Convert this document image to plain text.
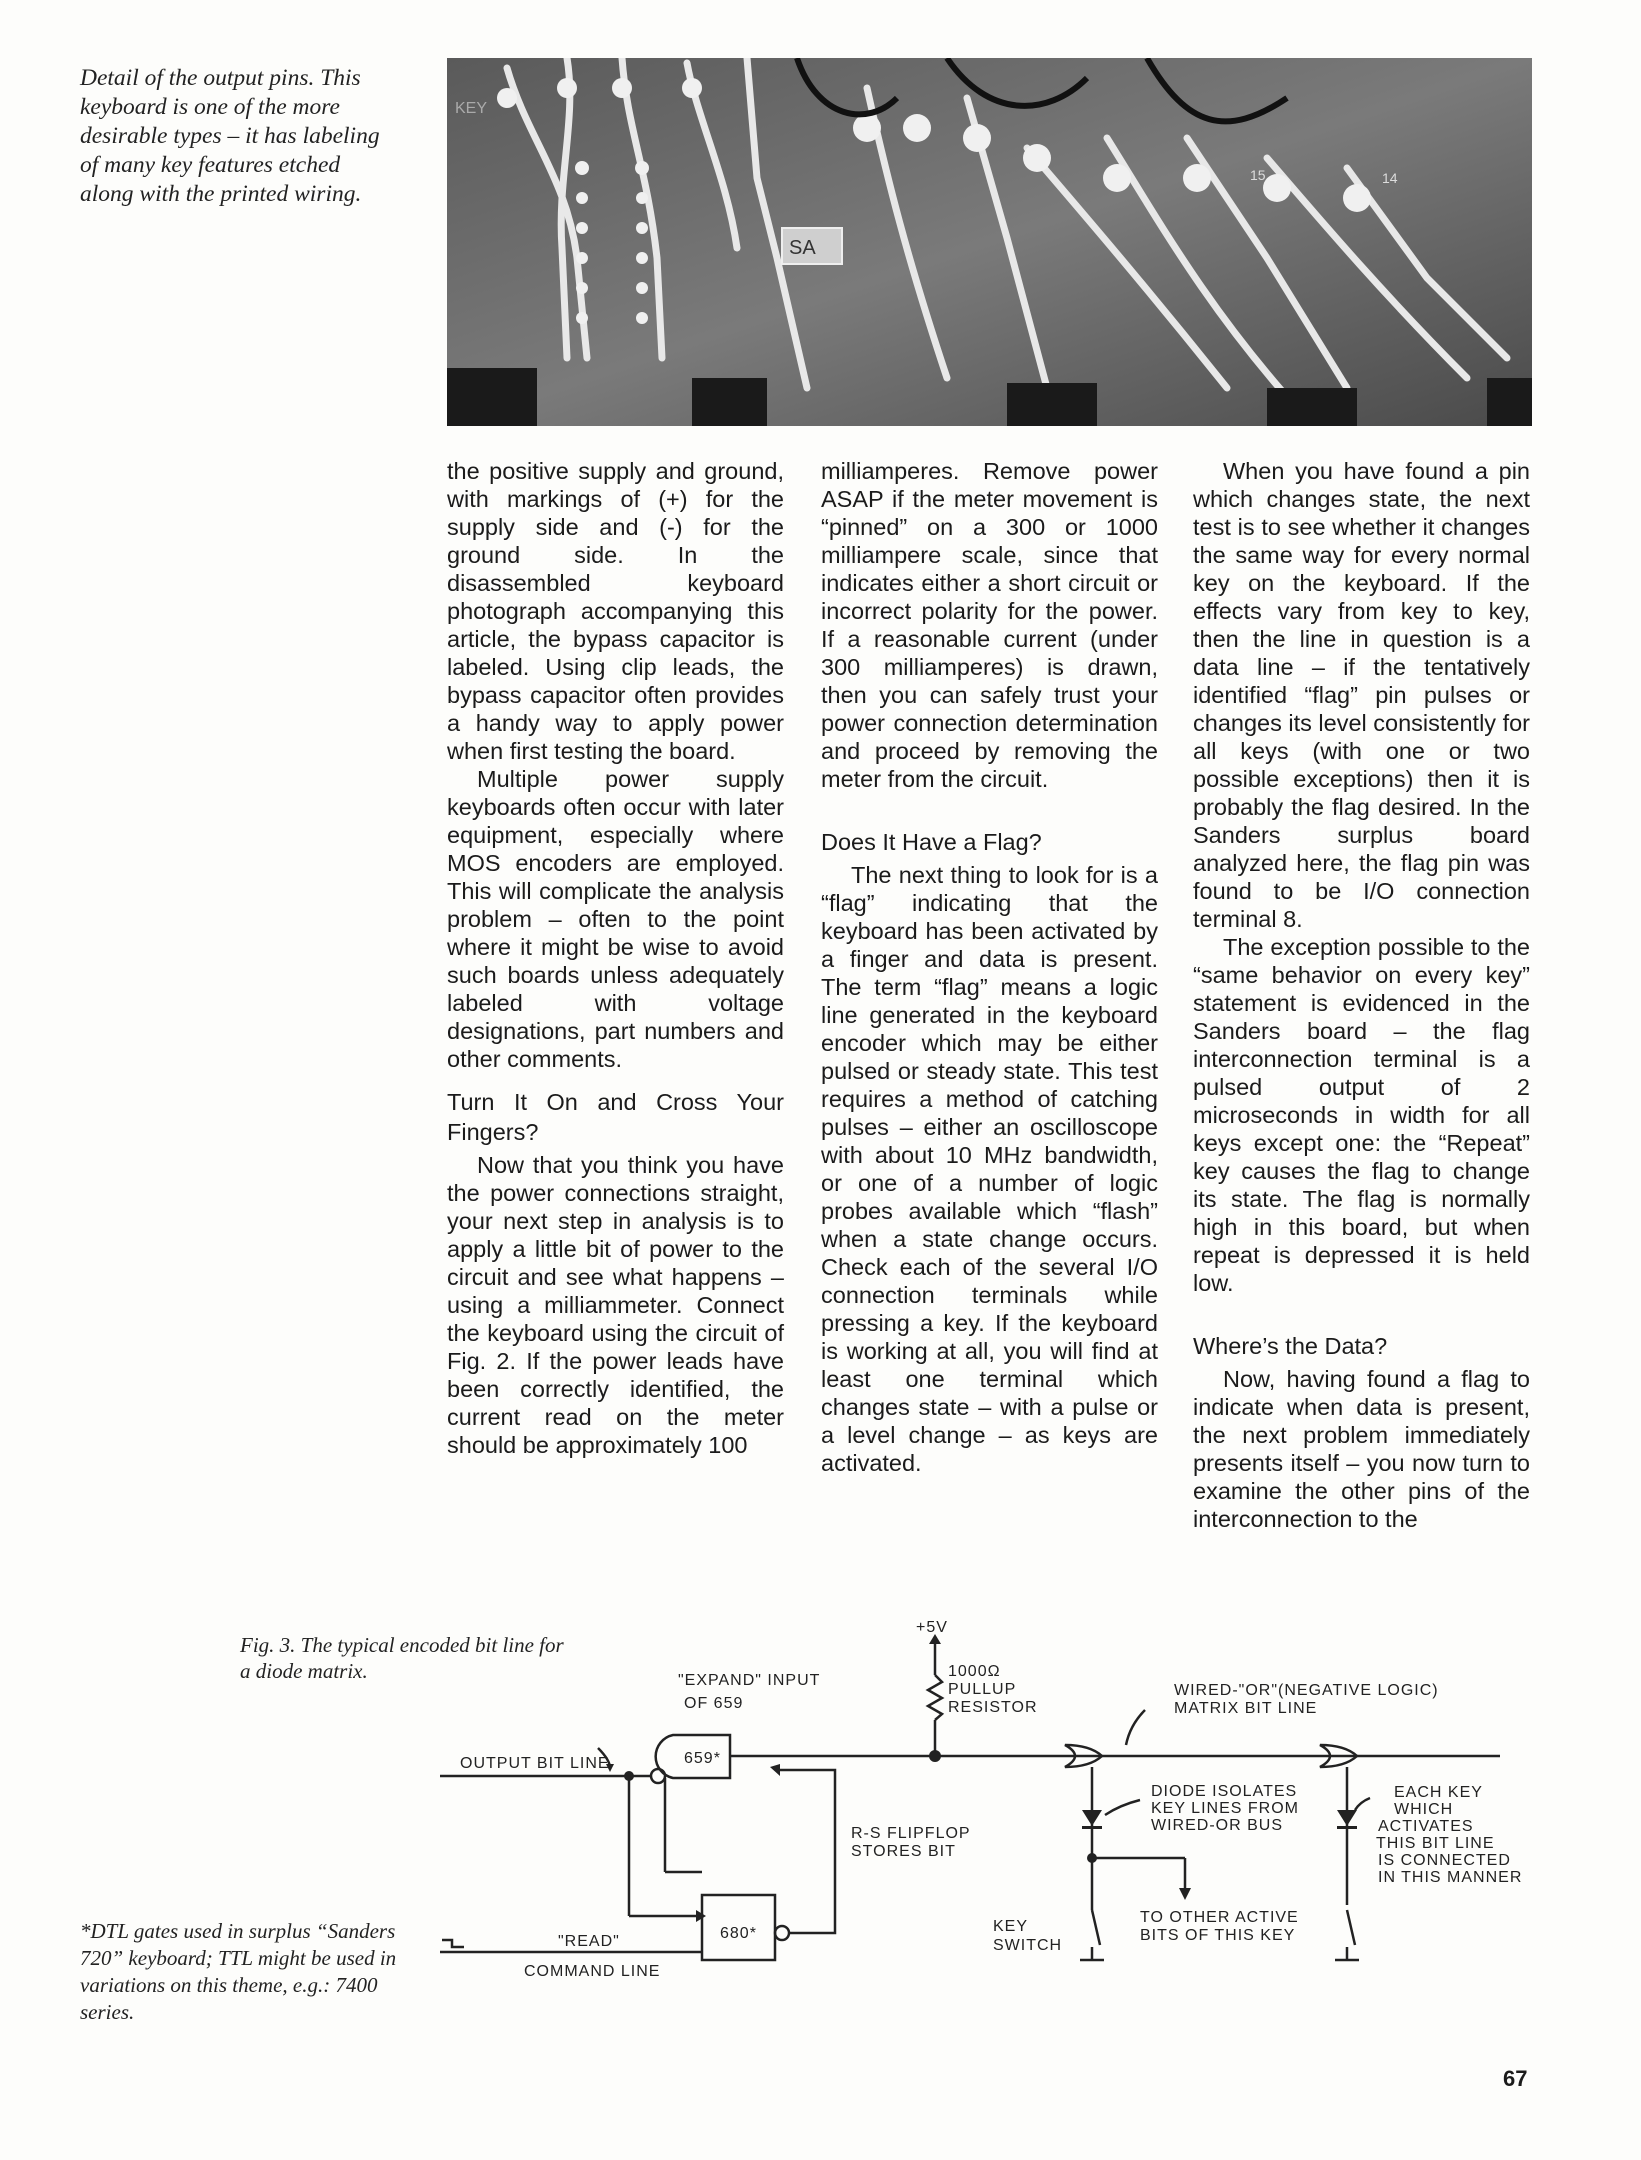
Detail of the output pins. This keyboard is one of the more desirable types – it has labeling of many key features etched along with the printed wiring.
SA
15	14
KEY

the positive supply and ground, with markings of (+) for the supply side and (-) for the ground side. In the disassembled keyboard photograph accompanying this article, the bypass capacitor is labeled. Using clip leads, the bypass capacitor often provides a handy way to apply power when first testing the board.

Multiple power supply keyboards often occur with later equipment, especially where MOS encoders are employed. This will complicate the analysis problem – often to the point where it might be wise to avoid such boards unless adequately labeled with voltage designations, part numbers and other comments.

Turn It On and Cross Your Fingers?

Now that you think you have the power connections straight, your next step in analysis is to apply a little bit of power to the circuit and see what happens – using a milliammeter. Connect the keyboard using the circuit of Fig. 2. If the power leads have been correctly identified, the current read on the meter should be approximately 100

milliamperes. Remove power ASAP if the meter movement is “pinned” on a 300 or 1000 milliampere scale, since that indicates either a short circuit or incorrect polarity for the power. If a reasonable current (under 300 milliamperes) is drawn, then you can safely trust your power connection determination and proceed by removing the meter from the circuit.

Does It Have a Flag?

The next thing to look for is a “flag” indicating that the keyboard has been activated by a finger and data is present. The term “flag” means a logic line generated in the keyboard encoder which may be either pulsed or steady state. This test requires a method of catching pulses – either an oscilloscope with about 10 MHz bandwidth, or one of a number of logic probes available which “flash” when a state change occurs. Check each of the several I/O connection terminals while pressing a key. If the keyboard is working at all, you will find at least one terminal which changes state – with a pulse or a level change – as keys are activated.

When you have found a pin which changes state, the next test is to see whether it changes the same way for every normal key on the keyboard. If the effects vary from key to key, then the line in question is a data line – if the tentatively identified “flag” pin pulses or changes its level consistently for all keys (with one or two possible exceptions) then it is probably the flag desired. In the Sanders surplus board analyzed here, the flag pin was found to be I/O connection terminal 8.

The exception possible to the “same behavior on every key” statement is evidenced in the Sanders board – the flag interconnection terminal is a pulsed output of 2 microseconds in width for all keys except one: the “Repeat” key causes the flag to change its state. The flag is normally high in this board, but when repeat is depressed it is held low.

Where’s the Data?

Now, having found a flag to indicate when data is present, the next problem immediately presents itself – you now turn to examine the other pins of the interconnection to the

Fig. 3. The typical encoded bit line for a diode matrix.
+5V
1000Ω
PULLUP
RESISTOR
"EXPAND" INPUT
OF 659
WIRED-"OR"(NEGATIVE LOGIC)
MATRIX BIT LINE
OUTPUT BIT LINE	659*
680*
R-S FLIPFLOP
STORES BIT
DIODE ISOLATES
KEY LINES FROM
WIRED-OR BUS
EACH KEY
WHICH
ACTIVATES
THIS BIT LINE
IS CONNECTED
IN THIS MANNER
"READ"
COMMAND LINE
KEY
SWITCH
TO OTHER ACTIVE
BITS OF THIS KEY
*DTL gates used in surplus “Sanders 720” keyboard; TTL might be used in variations on this theme, e.g.: 7400 series.
67
